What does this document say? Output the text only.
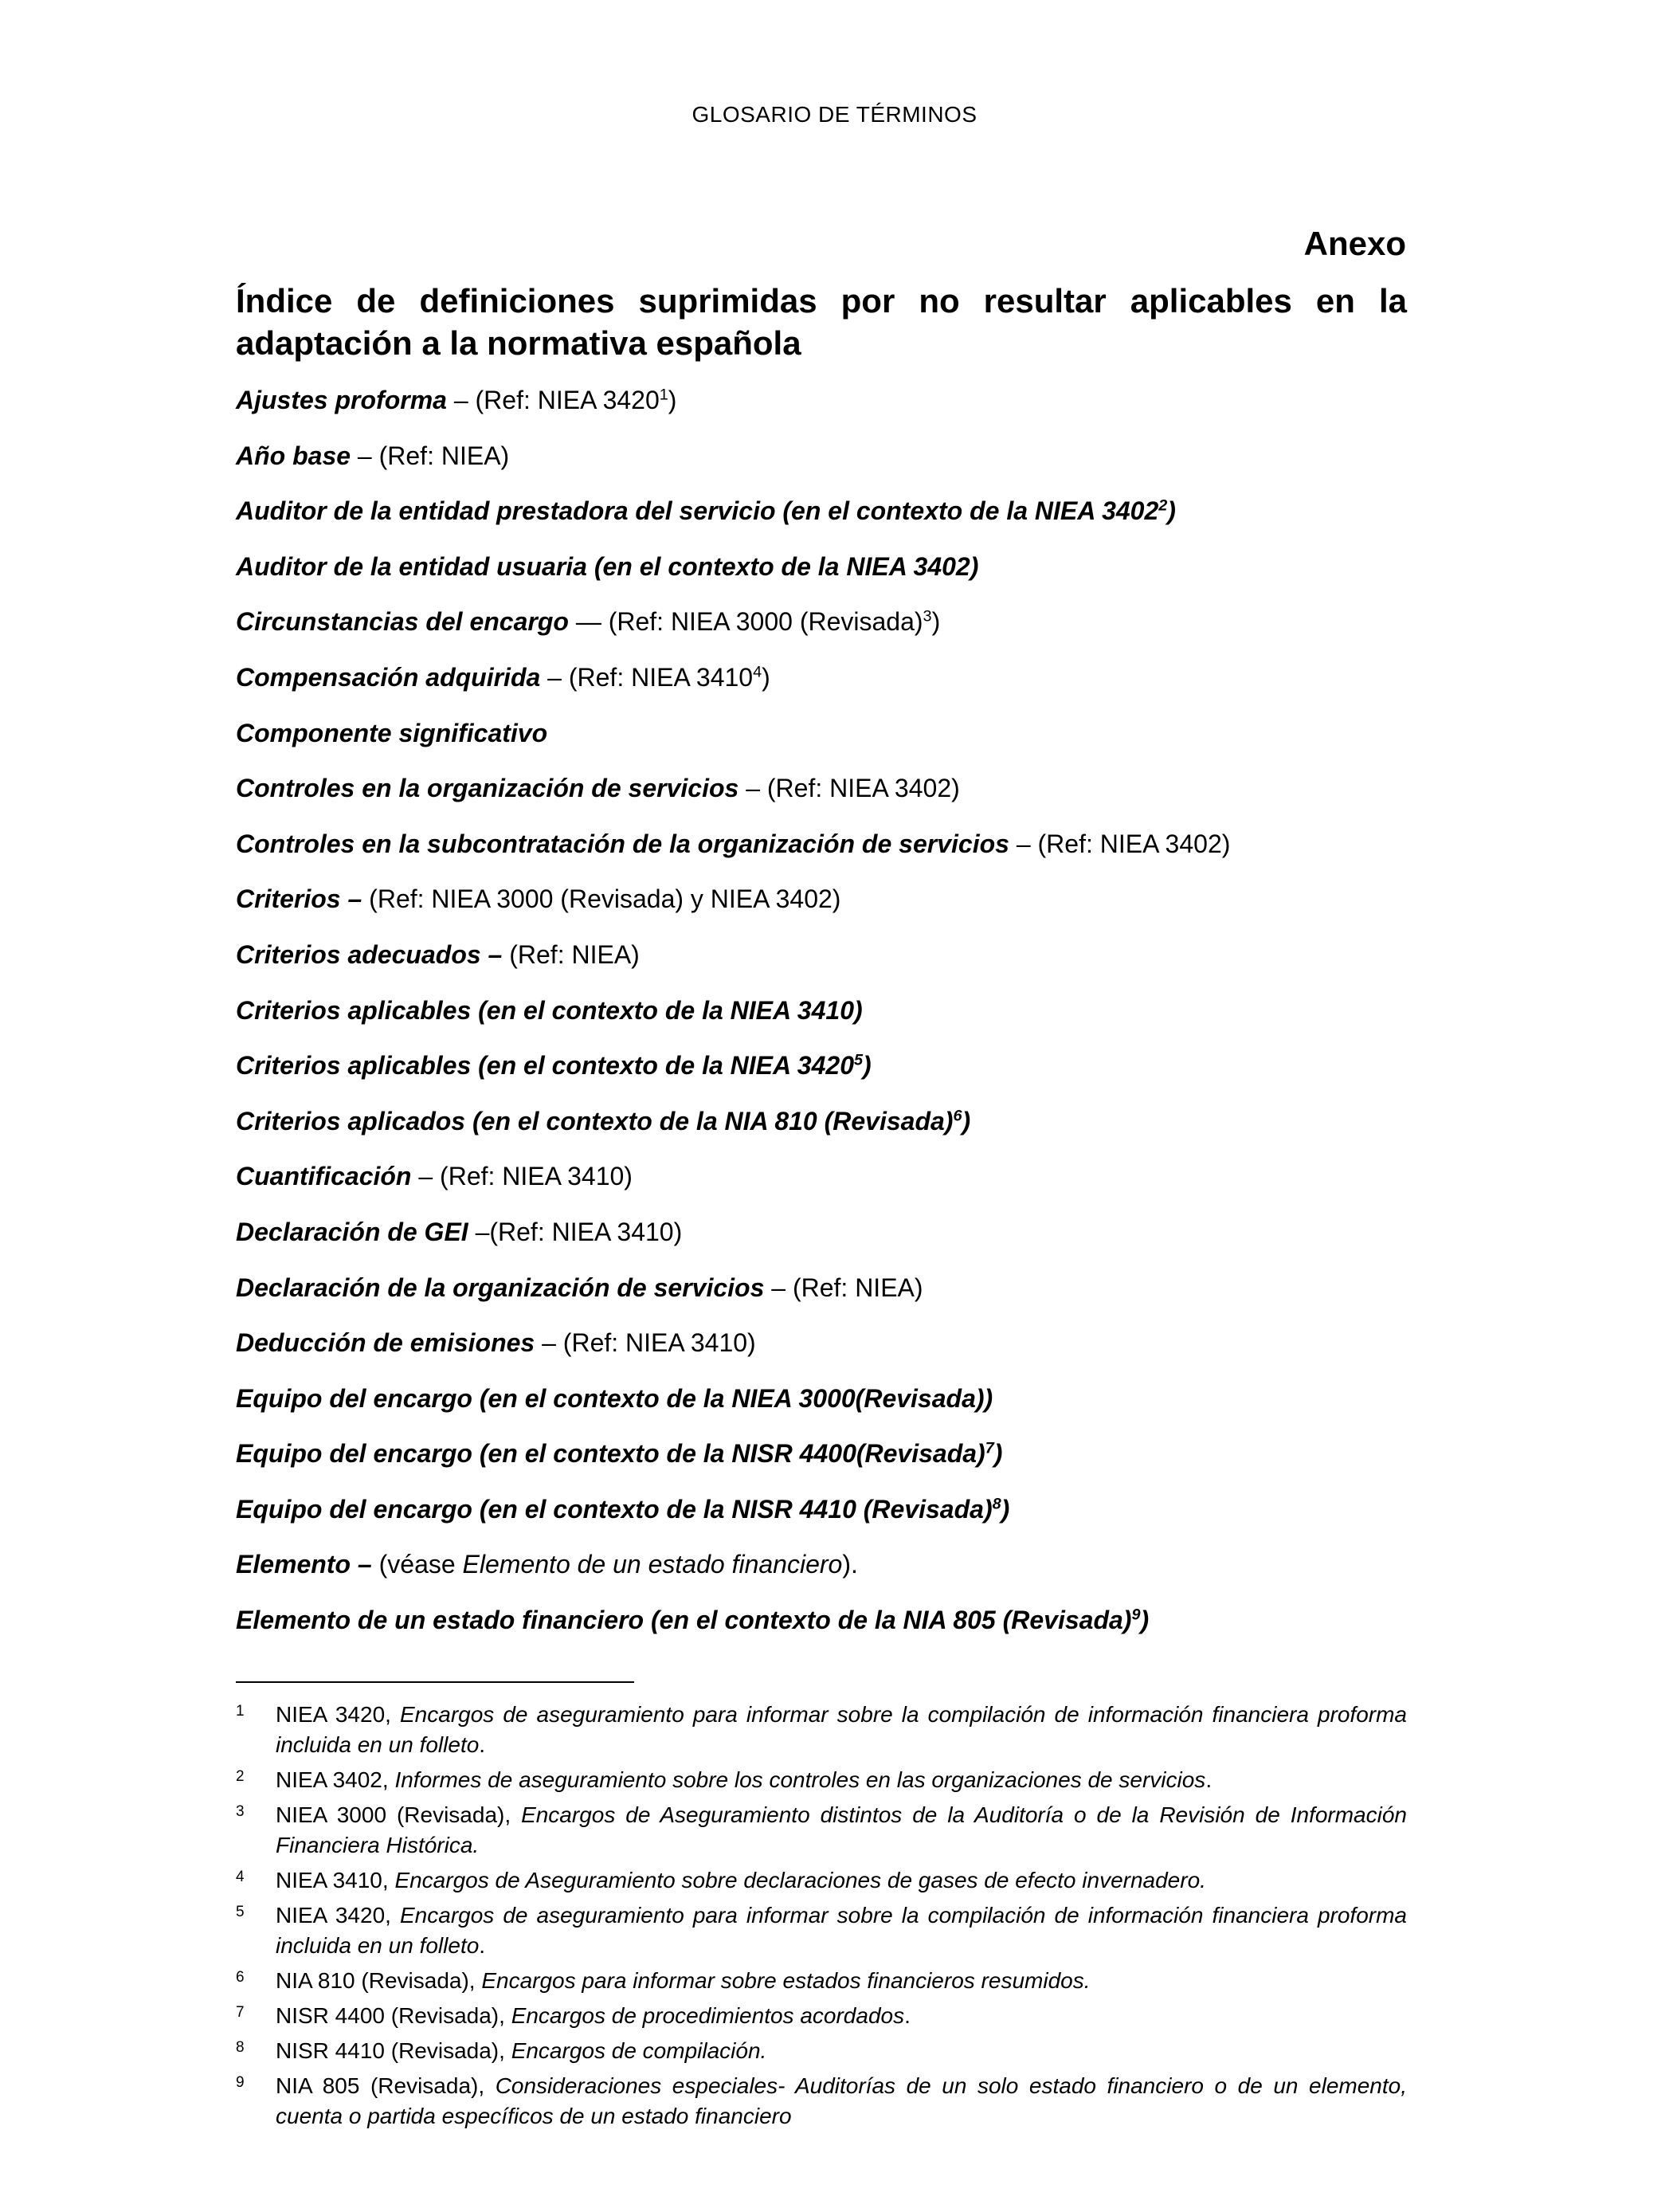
GLOSARIO DE TÉRMINOS
Anexo
Índice de definiciones suprimidas por no resultar aplicables en la adaptación a la normativa española
Ajustes proforma – (Ref: NIEA 3420$^1$)
Año base – (Ref: NIEA)
Auditor de la entidad prestadora del servicio (en el contexto de la NIEA 3402$^2$)
Auditor de la entidad usuaria (en el contexto de la NIEA 3402)
Circunstancias del encargo — (Ref: NIEA 3000 (Revisada)$^3$)
Compensación adquirida – (Ref: NIEA 3410$^4$)
Componente significativo
Controles en la organización de servicios – (Ref: NIEA 3402)
Controles en la subcontratación de la organización de servicios – (Ref: NIEA 3402)
Criterios – (Ref: NIEA 3000 (Revisada) y NIEA 3402)
Criterios adecuados – (Ref: NIEA)
Criterios aplicables (en el contexto de la NIEA 3410)
Criterios aplicables (en el contexto de la NIEA 3420$^5$)
Criterios aplicados (en el contexto de la NIA 810 (Revisada)$^6$)
Cuantificación – (Ref: NIEA 3410)
Declaración de GEI –(Ref: NIEA 3410)
Declaración de la organización de servicios – (Ref: NIEA)
Deducción de emisiones – (Ref: NIEA 3410)
Equipo del encargo (en el contexto de la NIEA 3000(Revisada))
Equipo del encargo (en el contexto de la NISR 4400(Revisada)$^7$)
Equipo del encargo (en el contexto de la NISR 4410 (Revisada)$^8$)
Elemento – (véase Elemento de un estado financiero).
Elemento de un estado financiero (en el contexto de la NIA 805 (Revisada)$^9$)
1	NIEA 3420, Encargos de aseguramiento para informar sobre la compilación de información financiera proforma incluida en un folleto.
2	NIEA 3402, Informes de aseguramiento sobre los controles en las organizaciones de servicios.
3	NIEA 3000 (Revisada), Encargos de Aseguramiento distintos de la Auditoría o de la Revisión de Información Financiera Histórica.
4	NIEA 3410, Encargos de Aseguramiento sobre declaraciones de gases de efecto invernadero.
5	NIEA 3420, Encargos de aseguramiento para informar sobre la compilación de información financiera proforma incluida en un folleto.
6	NIA 810 (Revisada), Encargos para informar sobre estados financieros resumidos.
7	NISR 4400 (Revisada), Encargos de procedimientos acordados.
8	NISR 4410 (Revisada), Encargos de compilación.
9	NIA 805 (Revisada), Consideraciones especiales- Auditorías de un solo estado financiero o de un elemento, cuenta o partida específicos de un estado financiero
